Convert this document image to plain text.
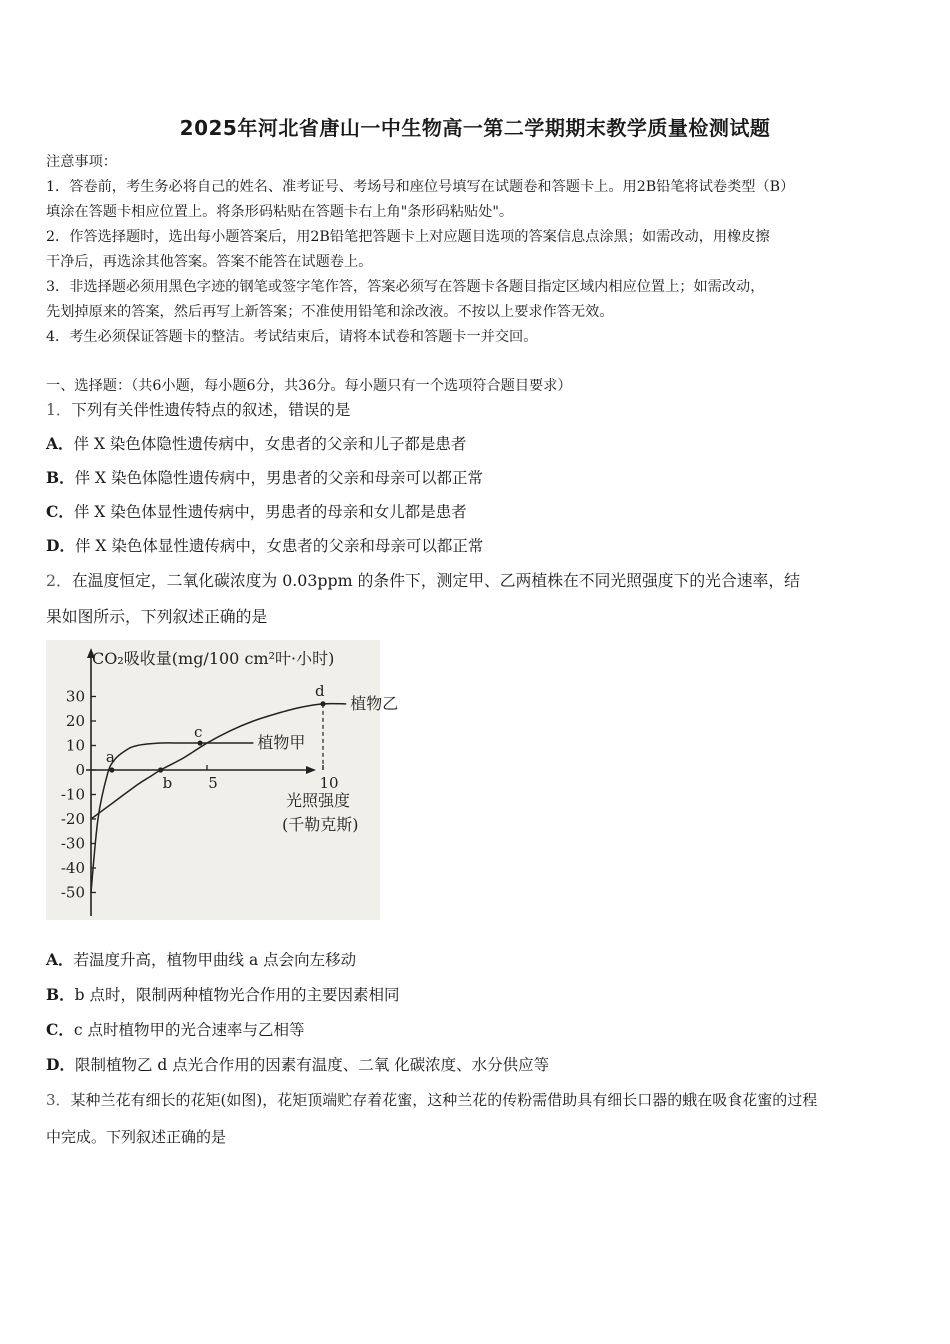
2025年河北省唐山一中生物高一第二学期期末教学质量检测试题
注意事项：
1．答卷前，考生务必将自己的姓名、准考证号、考场号和座位号填写在试题卷和答题卡上。用2B铅笔将试卷类型（B）
填涂在答题卡相应位置上。将条形码粘贴在答题卡右上角"条形码粘贴处"。
2．作答选择题时，选出每小题答案后，用2B铅笔把答题卡上对应题目选项的答案信息点涂黑；如需改动，用橡皮擦
干净后，再选涂其他答案。答案不能答在试题卷上。
3．非选择题必须用黑色字迹的钢笔或签字笔作答，答案必须写在答题卡各题目指定区域内相应位置上；如需改动，
先划掉原来的答案，然后再写上新答案；不准使用铅笔和涂改液。不按以上要求作答无效。
4．考生必须保证答题卡的整洁。考试结束后，请将本试卷和答题卡一并交回。
一、选择题：（共6小题，每小题6分，共36分。每小题只有一个选项符合题目要求）
1．下列有关伴性遗传特点的叙述，错误的是
A．伴 X 染色体隐性遗传病中，女患者的父亲和儿子都是患者
B．伴 X 染色体隐性遗传病中，男患者的父亲和母亲可以都正常
C．伴 X 染色体显性遗传病中，男患者的母亲和女儿都是患者
D．伴 X 染色体显性遗传病中，女患者的父亲和母亲可以都正常
2．在温度恒定，二氧化碳浓度为 0.03ppm 的条件下，测定甲、乙两植株在不同光照强度下的光合速率，结
果如图所示，下列叙述正确的是
CO₂吸收量(mg/100 cm²叶·小时)
光照强度
(千勒克斯)
30
20
10
0
-10
-20
-30
-40
-50
5	10
植物甲
植物乙
a
b
c
d
A．若温度升高，植物甲曲线 a 点会向左移动
B．b 点时，限制两种植物光合作用的主要因素相同
C．c 点时植物甲的光合速率与乙相等
D．限制植物乙 d 点光合作用的因素有温度、二氧 化碳浓度、水分供应等
3．某种兰花有细长的花矩(如图)，花矩顶端贮存着花蜜，这种兰花的传粉需借助具有细长口器的蛾在吸食花蜜的过程
中完成。下列叙述正确的是
